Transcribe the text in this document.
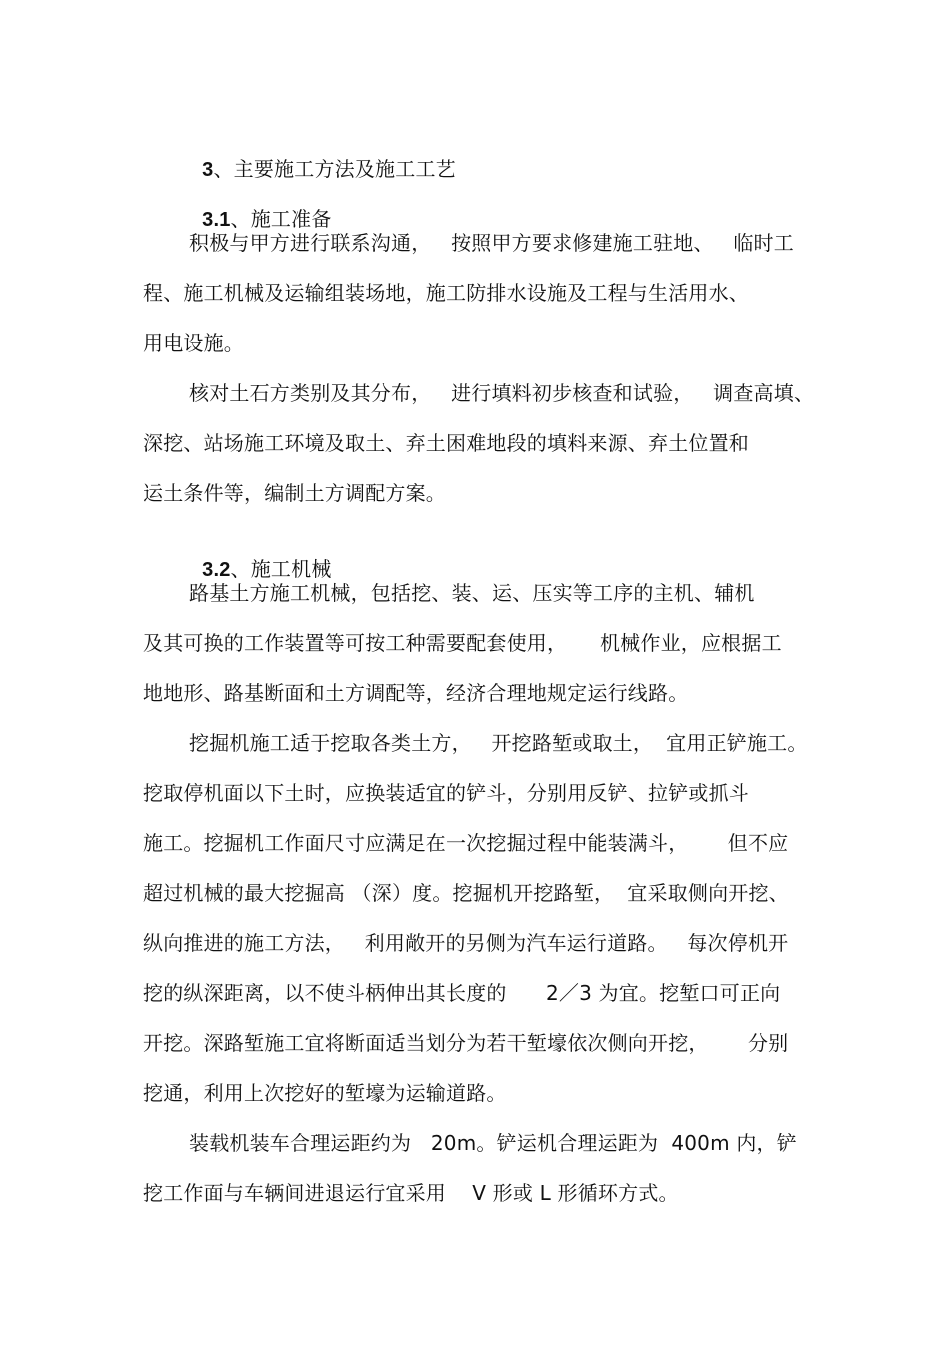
3、主要施工方法及施工工艺

3.1、施工准备

积极与甲方进行联系沟通，   按照甲方要求修建施工驻地、   临时工
程、施工机械及运输组装场地，施工防排水设施及工程与生活用水、
用电设施。
核对土石方类别及其分布，   进行填料初步核查和试验，   调查高填、
深挖、站场施工环境及取土、弃土困难地段的填料来源、弃土位置和
运土条件等，编制土方调配方案。

3.2、施工机械

路基土方施工机械，包括挖、装、运、压实等工序的主机、辅机
及其可换的工作装置等可按工种需要配套使用，     机械作业，应根据工
地地形、路基断面和土方调配等，经济合理地规定运行线路。
挖掘机施工适于挖取各类土方，   开挖路堑或取土，  宜用正铲施工。
挖取停机面以下土时，应换装适宜的铲斗，分别用反铲、拉铲或抓斗
施工。挖掘机工作面尺寸应满足在一次挖掘过程中能装满斗，      但不应
超过机械的最大挖掘高 （深）度。挖掘机开挖路堑，  宜采取侧向开挖、
纵向推进的施工方法，   利用敞开的另侧为汽车运行道路。   每次停机开
挖的纵深距离，以不使斗柄伸出其长度的      2／3 为宜。挖堑口可正向
开挖。深路堑施工宜将断面适当划分为若干堑壕依次侧向开挖，      分别
挖通，利用上次挖好的堑壕为运输道路。
装载机装车合理运距约为   20m。铲运机合理运距为  400m 内，铲
挖工作面与车辆间进退运行宜采用    V 形或 L 形循环方式。
